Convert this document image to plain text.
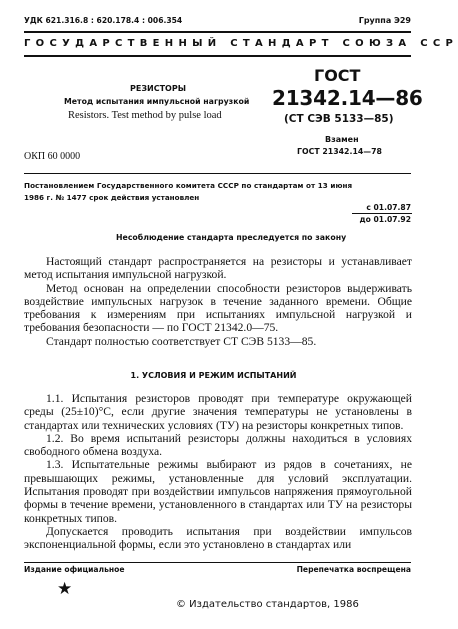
УДК 621.316.8 : 620.178.4 : 006.354	Группа Э29
ГОСУДАРСТВЕННЫЙ СТАНДАРТ СОЮЗА ССР
РЕЗИСТОРЫ
Метод испытания импульсной нагрузкой
Resistors. Test method by pulse load
ОКП 60 0000
ГОСТ
21342.14—86
(СТ СЭВ 5133—85)
Взамен
ГОСТ 21342.14—78
Постановлением Государственного комитета СССР по стандартам от 13 июня
1986 г. № 1477 срок действия установлен
с 01.07.87
до 01.07.92
Несоблюдение стандарта преследуется по закону

Настоящий стандарт распространяется на резисторы и устанавливает метод испытания импульсной нагрузкой.

Метод основан на определении способности резисторов выдерживать воздействие импульсных нагрузок в течение заданного времени. Общие требования к измерениям при испытаниях импульсной нагрузкой и требования безопасности — по ГОСТ 21342.0—75.

Стандарт полностью соответствует СТ СЭВ 5133—85.

1. УСЛОВИЯ И РЕЖИМ ИСПЫТАНИЙ

1.1. Испытания резисторов проводят при температуре окружающей среды (25±10)°С, если другие значения температуры не установлены в стандартах или технических условиях (ТУ) на резисторы конкретных типов.

1.2. Во время испытаний резисторы должны находиться в условиях свободного обмена воздуха.

1.3. Испытательные режимы выбирают из рядов в сочетаниях, не превышающих режимы, установленные для условий эксплуатации. Испытания проводят при воздействии импульсов напряжения прямоугольной формы в течение времени, установленного в стандартах или ТУ на резисторы конкретных типов.

Допускается проводить испытания при воздействии импульсов экспоненциальной формы, если это установлено в стандартах или

Издание официальное	Перепечатка воспрещена
★
© Издательство стандартов, 1986
